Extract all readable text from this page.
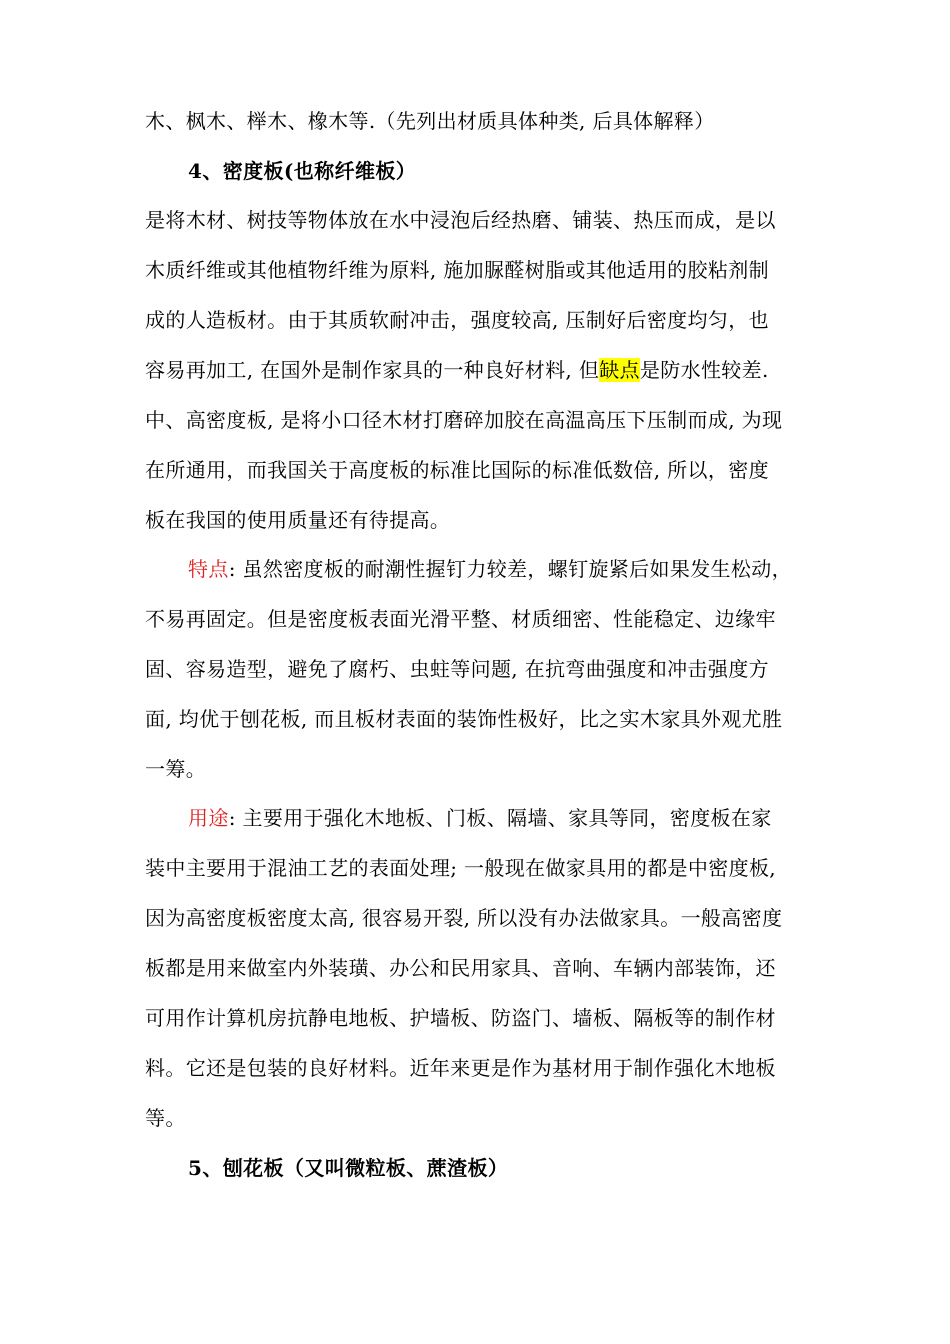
木、枫木、榉木、橡木等.（先列出材质具体种类, 后具体解释）
4、密度板(也称纤维板）
是将木材、树技等物体放在水中浸泡后经热磨、铺装、热压而成，是以
木质纤维或其他植物纤维为原料, 施加脲醛树脂或其他适用的胶粘剂制
成的人造板材。由于其质软耐冲击，强度较高, 压制好后密度均匀，也
容易再加工, 在国外是制作家具的一种良好材料, 但缺点是防水性较差.
中、高密度板, 是将小口径木材打磨碎加胶在高温高压下压制而成, 为现
在所通用，而我国关于高度板的标准比国际的标准低数倍, 所以，密度
板在我国的使用质量还有待提高。
特点: 虽然密度板的耐潮性握钉力较差，螺钉旋紧后如果发生松动，
不易再固定。但是密度板表面光滑平整、材质细密、性能稳定、边缘牢
固、容易造型，避免了腐朽、虫蛀等问题, 在抗弯曲强度和冲击强度方
面, 均优于刨花板, 而且板材表面的装饰性极好，比之实木家具外观尤胜
一筹。
用途: 主要用于强化木地板、门板、隔墙、家具等同，密度板在家
装中主要用于混油工艺的表面处理; 一般现在做家具用的都是中密度板,
因为高密度板密度太高, 很容易开裂, 所以没有办法做家具。一般高密度
板都是用来做室内外装璜、办公和民用家具、音响、车辆内部装饰，还
可用作计算机房抗静电地板、护墙板、防盗门、墙板、隔板等的制作材
料。它还是包装的良好材料。近年来更是作为基材用于制作强化木地板
等。
5、刨花板（又叫微粒板、蔗渣板）
